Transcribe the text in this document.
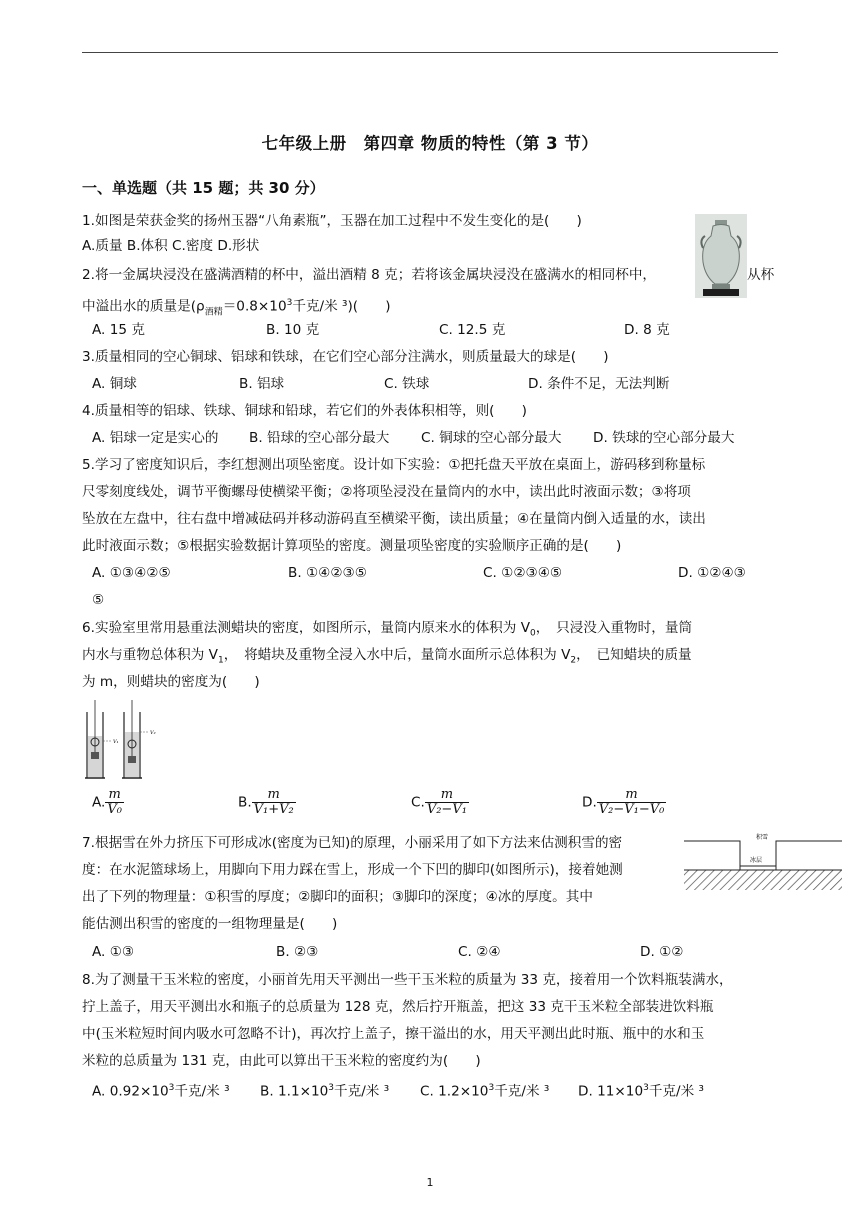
七年级上册　第四章 物质的特性（第 3 节）
一、单选题（共 15 题；共 30 分）
1.如图是荣获金奖的扬州玉器“八角素瓶”，玉器在加工过程中不发生变化的是(　　)
A.质量 B.体积 C.密度 D.形状
2.将一金属块浸没在盛满酒精的杯中，溢出酒精 8 克；若将该金属块浸没在盛满水的相同杯中，	从杯
中溢出水的质量是($\rho_{酒精}=0.8\times 10^3$千克/米 ³)(　　)
A. 15 克	B. 10 克	C. 12.5 克	D. 8 克
3.质量相同的空心铜球、铝球和铁球，在它们空心部分注满水，则质量最大的球是(　　)
A. 铜球	B. 铝球	C. 铁球	D. 条件不足，无法判断
4.质量相等的铝球、铁球、铜球和铅球，若它们的外表体积相等，则(　　)
A. 铝球一定是实心的 B. 铅球的空心部分最大 C. 铜球的空心部分最大 D. 铁球的空心部分最大
5.学习了密度知识后，李红想测出项坠密度。设计如下实验：①把托盘天平放在桌面上，游码移到称量标
尺零刻度线处，调节平衡螺母使横梁平衡；②将项坠浸没在量筒内的水中，读出此时液面示数；③将项
坠放在左盘中，往右盘中增减砝码并移动游码直至横梁平衡，读出质量；④在量筒内倒入适量的水，读出
此时液面示数；⑤根据实验数据计算项坠的密度。测量项坠密度的实验顺序正确的是(　　)
A. ①③④②⑤	B. ①④②③⑤	C. ①②③④⑤	D. ①②④③
⑤
6.实验室里常用悬重法测蜡块的密度，如图所示，量筒内原来水的体积为 $V_0$，　只浸没入重物时，量筒
内水与重物总体积为 $V_1$，　将蜡块及重物全浸入水中后，量筒水面所示总体积为 $V_2$，　已知蜡块的质量
为 m，则蜡块的密度为(　　)
V₁
V₂
A. $\frac{m}{\text{V₀}}$	B. $\frac{m}{\text{V₁+V₂}}$	C. $\frac{m}{\text{V₂−V₁}}$	D. $\frac{m}{\text{V₂−V₁−V₀}}$
7.根据雪在外力挤压下可形成冰(密度为已知)的原理，小丽采用了如下方法来估测积雪的密
度：在水泥篮球场上，用脚向下用力踩在雪上，形成一个下凹的脚印(如图所示)，接着她测
出了下列的物理量：①积雪的厚度；②脚印的面积；③脚印的深度；④冰的厚度。其中
能估测出积雪的密度的一组物理量是(　　)
积雪
冰层
A. ①③	B. ②③	C. ②④	D. ①②
8.为了测量干玉米粒的密度，小丽首先用天平测出一些干玉米粒的质量为 33 克，接着用一个饮料瓶装满水，
拧上盖子，用天平测出水和瓶子的总质量为 128 克，然后拧开瓶盖，把这 33 克干玉米粒全部装进饮料瓶
中(玉米粒短时间内吸水可忽略不计)，再次拧上盖子，擦干溢出的水，用天平测出此时瓶、瓶中的水和玉
米粒的总质量为 131 克，由此可以算出干玉米粒的密度约为(　　)
A. $0.92\times 10^3$千克/米 ³ B. $1.1\times 10^3$千克/米 ³ C. $1.2\times 10^3$千克/米 ³ D. $11\times 10^3$千克/米 ³
1
